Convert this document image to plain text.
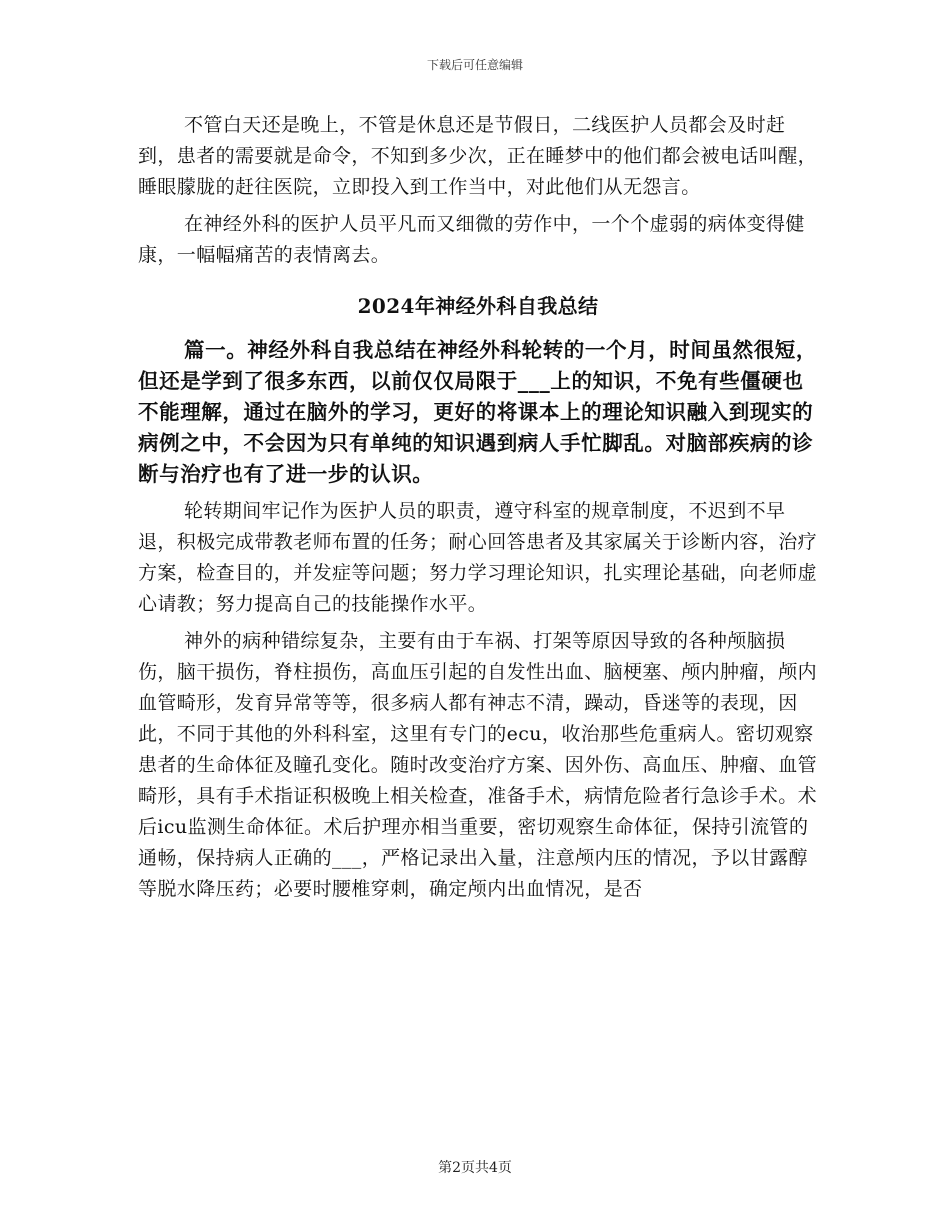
下载后可任意编辑

不管白天还是晚上，不管是休息还是节假日，二线医护人员都会及时赶到，患者的需要就是命令，不知到多少次，正在睡梦中的他们都会被电话叫醒，睡眼朦胧的赶往医院，立即投入到工作当中，对此他们从无怨言。

在神经外科的医护人员平凡而又细微的劳作中，一个个虚弱的病体变得健康，一幅幅痛苦的表情离去。

2024年神经外科自我总结

篇一。神经外科自我总结在神经外科轮转的一个月，时间虽然很短，但还是学到了很多东西，以前仅仅局限于___上的知识，不免有些僵硬也不能理解，通过在脑外的学习，更好的将课本上的理论知识融入到现实的病例之中，不会因为只有单纯的知识遇到病人手忙脚乱。对脑部疾病的诊断与治疗也有了进一步的认识。

轮转期间牢记作为医护人员的职责，遵守科室的规章制度，不迟到不早退，积极完成带教老师布置的任务；耐心回答患者及其家属关于诊断内容，治疗方案，检查目的，并发症等问题；努力学习理论知识，扎实理论基础，向老师虚心请教；努力提高自己的技能操作水平。

神外的病种错综复杂，主要有由于车祸、打架等原因导致的各种颅脑损伤，脑干损伤，脊柱损伤，高血压引起的自发性出血、脑梗塞、颅内肿瘤，颅内血管畸形，发育异常等等，很多病人都有神志不清，躁动，昏迷等的表现，因此，不同于其他的外科科室，这里有专门的ecu，收治那些危重病人。密切观察患者的生命体征及瞳孔变化。随时改变治疗方案、因外伤、高血压、肿瘤、血管畸形，具有手术指证积极晚上相关检查，准备手术，病情危险者行急诊手术。术后icu监测生命体征。术后护理亦相当重要，密切观察生命体征，保持引流管的通畅，保持病人正确的___，严格记录出入量，注意颅内压的情况，予以甘露醇等脱水降压药；必要时腰椎穿刺，确定颅内出血情况，是否

第2页共4页
